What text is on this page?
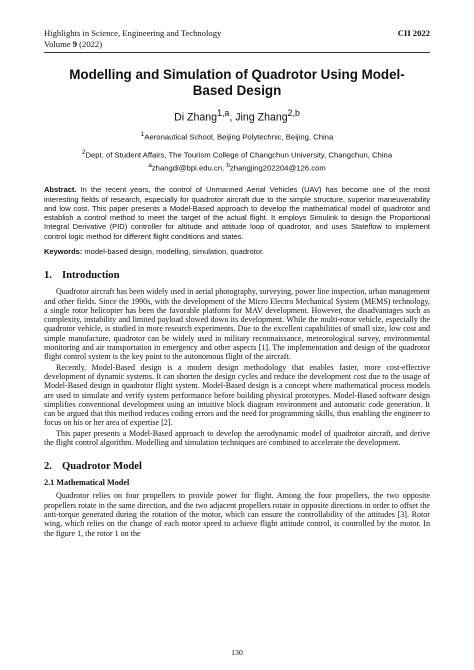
Highlights in Science, Engineering and Technology	CII 2022
Volume 9 (2022)
Modelling and Simulation of Quadrotor Using Model-Based Design
Di Zhang$^{1,a}$, Jing Zhang$^{2,b}$
$^1$Aeronautical School, Beijing Polytechnic, Beijing, China
$^2$Dept. of Student Affairs, The Tourism College of Changchun University, Changchun, China
$^a$zhangdi@bpi.edu.cn, $^b$zhangjing202204@126.com
Abstract. In the recent years, the control of Unmanned Aerial Vehicles (UAV) has become one of the most interesting fields of research, especially for quadrotor aircraft due to the simple structure, superior maneuverability and low cost. This paper presents a Model-Based approach to develop the mathematical model of quadrotor and establish a control method to meet the target of the actual flight. It employs Simulink to design the Proportional Integral Derivative (PID) controller for altitude and attitude loop of quadrotor, and uses Stateflow to implement control logic method for different flight conditions and states.
Keywords: model-based design, modelling, simulation, quadrotor.
1. Introduction

Quadrotor aircraft has been widely used in aerial photography, surveying, power line inspection, urban management and other fields. Since the 1990s, with the development of the Micro Electro Mechanical System (MEMS) technology, a single rotor helicopter has been the favorable platform for MAV development. However, the disadvantages such as complexity, instability and limited payload slowed down its development. While the multi-rotor vehicle, especially the quadrotor vehicle, is studied in more research experiments. Due to the excellent capabilities of small size, low cost and simple manufacture, quadrotor can be widely used in military reconnaissance, meteorological survey, environmental monitoring and air transportation in emergency and other aspects [1]. The implementation and design of the quadrotor flight control system is the key point to the autonomous flight of the aircraft.

Recently, Model-Based design is a modern design methodology that enables faster, more cost-effective development of dynamic systems. It can shorten the design cycles and reduce the development cost due to the usage of Model-Based design in quadrotor flight system. Model-Based design is a concept where mathematical process models are used to simulate and verify system performance before building physical prototypes. Model-Based software design simplifies conventional development using an intuitive block diagram environment and automatic code generation. It can be argued that this method reduces coding errors and the need for programming skills, thus enabling the engineer to focus on his or her area of expertise [2].

This paper presents a Model-Based approach to develop the aerodynamic model of quadrotor aircraft, and derive the flight control algorithm. Modelling and simulation techniques are combined to accelerate the development.

2. Quadrotor Model
2.1 Mathematical Model

Quadrotor relies on four propellers to provide power for flight. Among the four propellers, the two opposite propellers rotate in the same direction, and the two adjacent propellers rotate in opposite directions in order to offset the anti-torque generated during the rotation of the motor, which can ensure the controllability of the attitudes [3]. Rotor wing, which relies on the change of each motor speed to achieve flight attitude control, is controlled by the motor. In the figure 1, the rotor 1 on the

130
